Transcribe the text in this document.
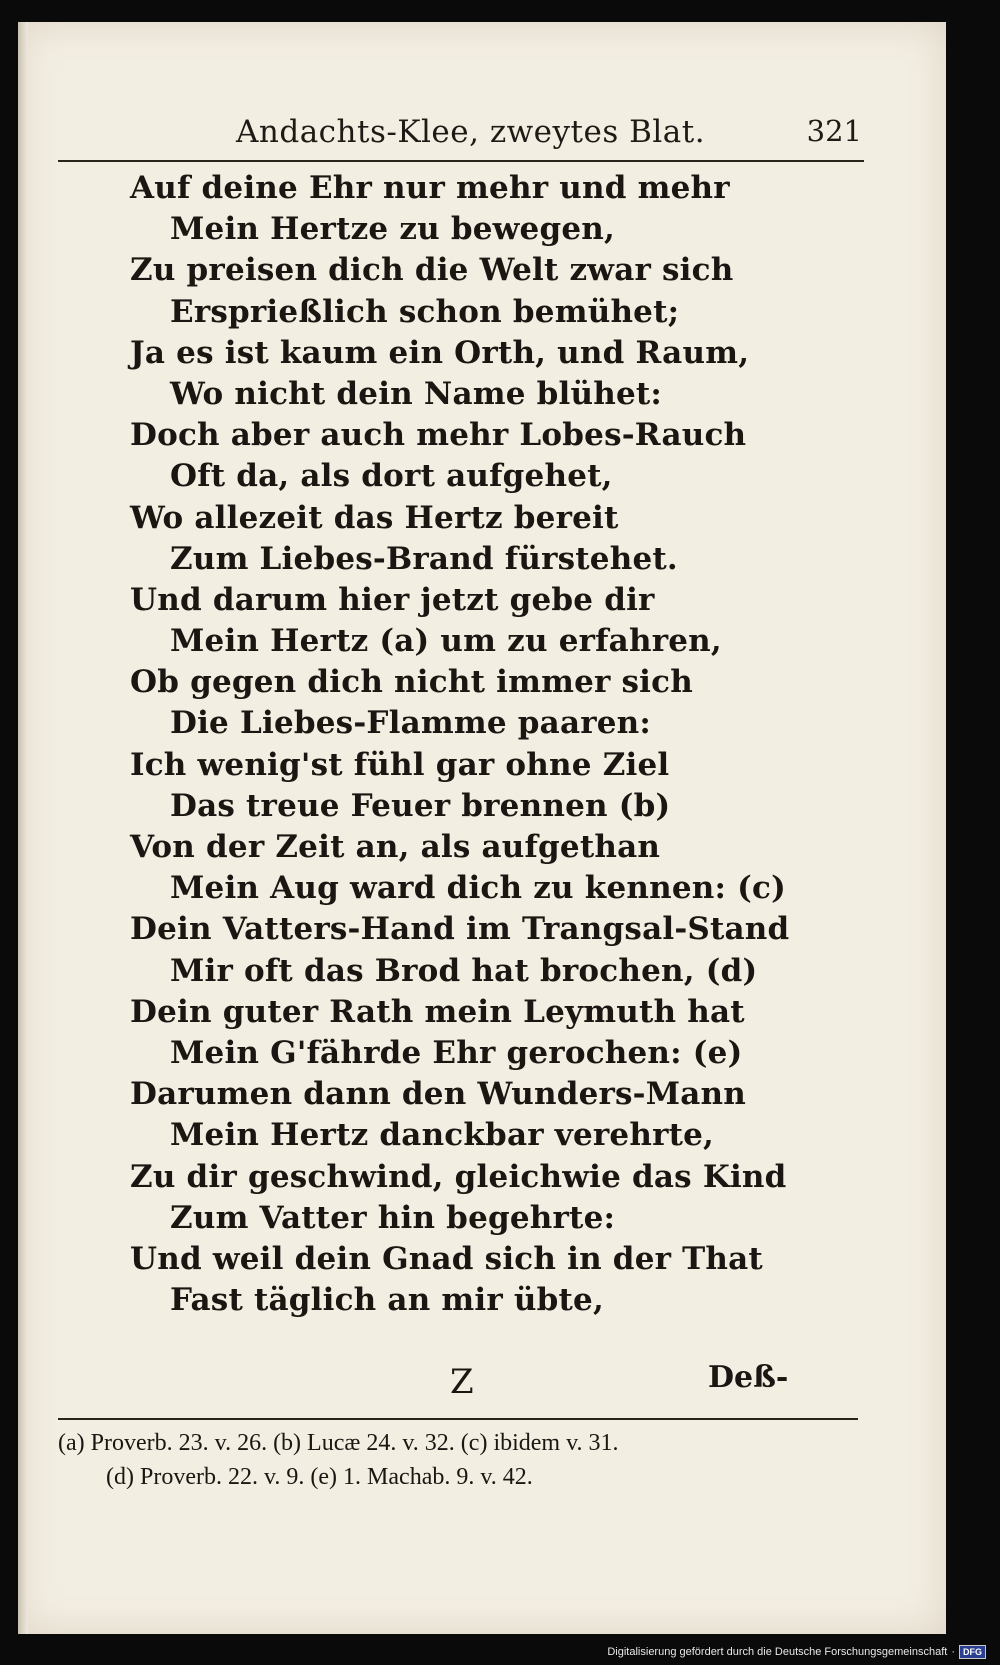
Andachts-Klee, zweytes Blat.	321
Auf deine Ehr nur mehr und mehr
Mein Hertze zu bewegen,
Zu preisen dich die Welt zwar sich
Ersprießlich schon bemühet;
Ja es ist kaum ein Orth, und Raum,
Wo nicht dein Name blühet:
Doch aber auch mehr Lobes-Rauch
Oft da, als dort aufgehet,
Wo allezeit das Hertz bereit
Zum Liebes-Brand fürstehet.
Und darum hier jetzt gebe dir
Mein Hertz (a) um zu erfahren,
Ob gegen dich nicht immer sich
Die Liebes-Flamme paaren:
Ich wenig'st fühl gar ohne Ziel
Das treue Feuer brennen (b)
Von der Zeit an, als aufgethan
Mein Aug ward dich zu kennen: (c)
Dein Vatters-Hand im Trangsal-Stand
Mir oft das Brod hat brochen, (d)
Dein guter Rath mein Leymuth hat
Mein G'fährde Ehr gerochen: (e)
Darumen dann den Wunders-Mann
Mein Hertz danckbar verehrte,
Zu dir geschwind, gleichwie das Kind
Zum Vatter hin begehrte:
Und weil dein Gnad sich in der That
Fast täglich an mir übte,
Z	Deß-
(a) Proverb. 23. v. 26. (b) Lucæ 24. v. 32. (c) ibidem v. 31.
(d) Proverb. 22. v. 9. (e) 1. Machab. 9. v. 42.
Digitalisierung gefördert durch die Deutsche Forschungsgemeinschaft · DFG
